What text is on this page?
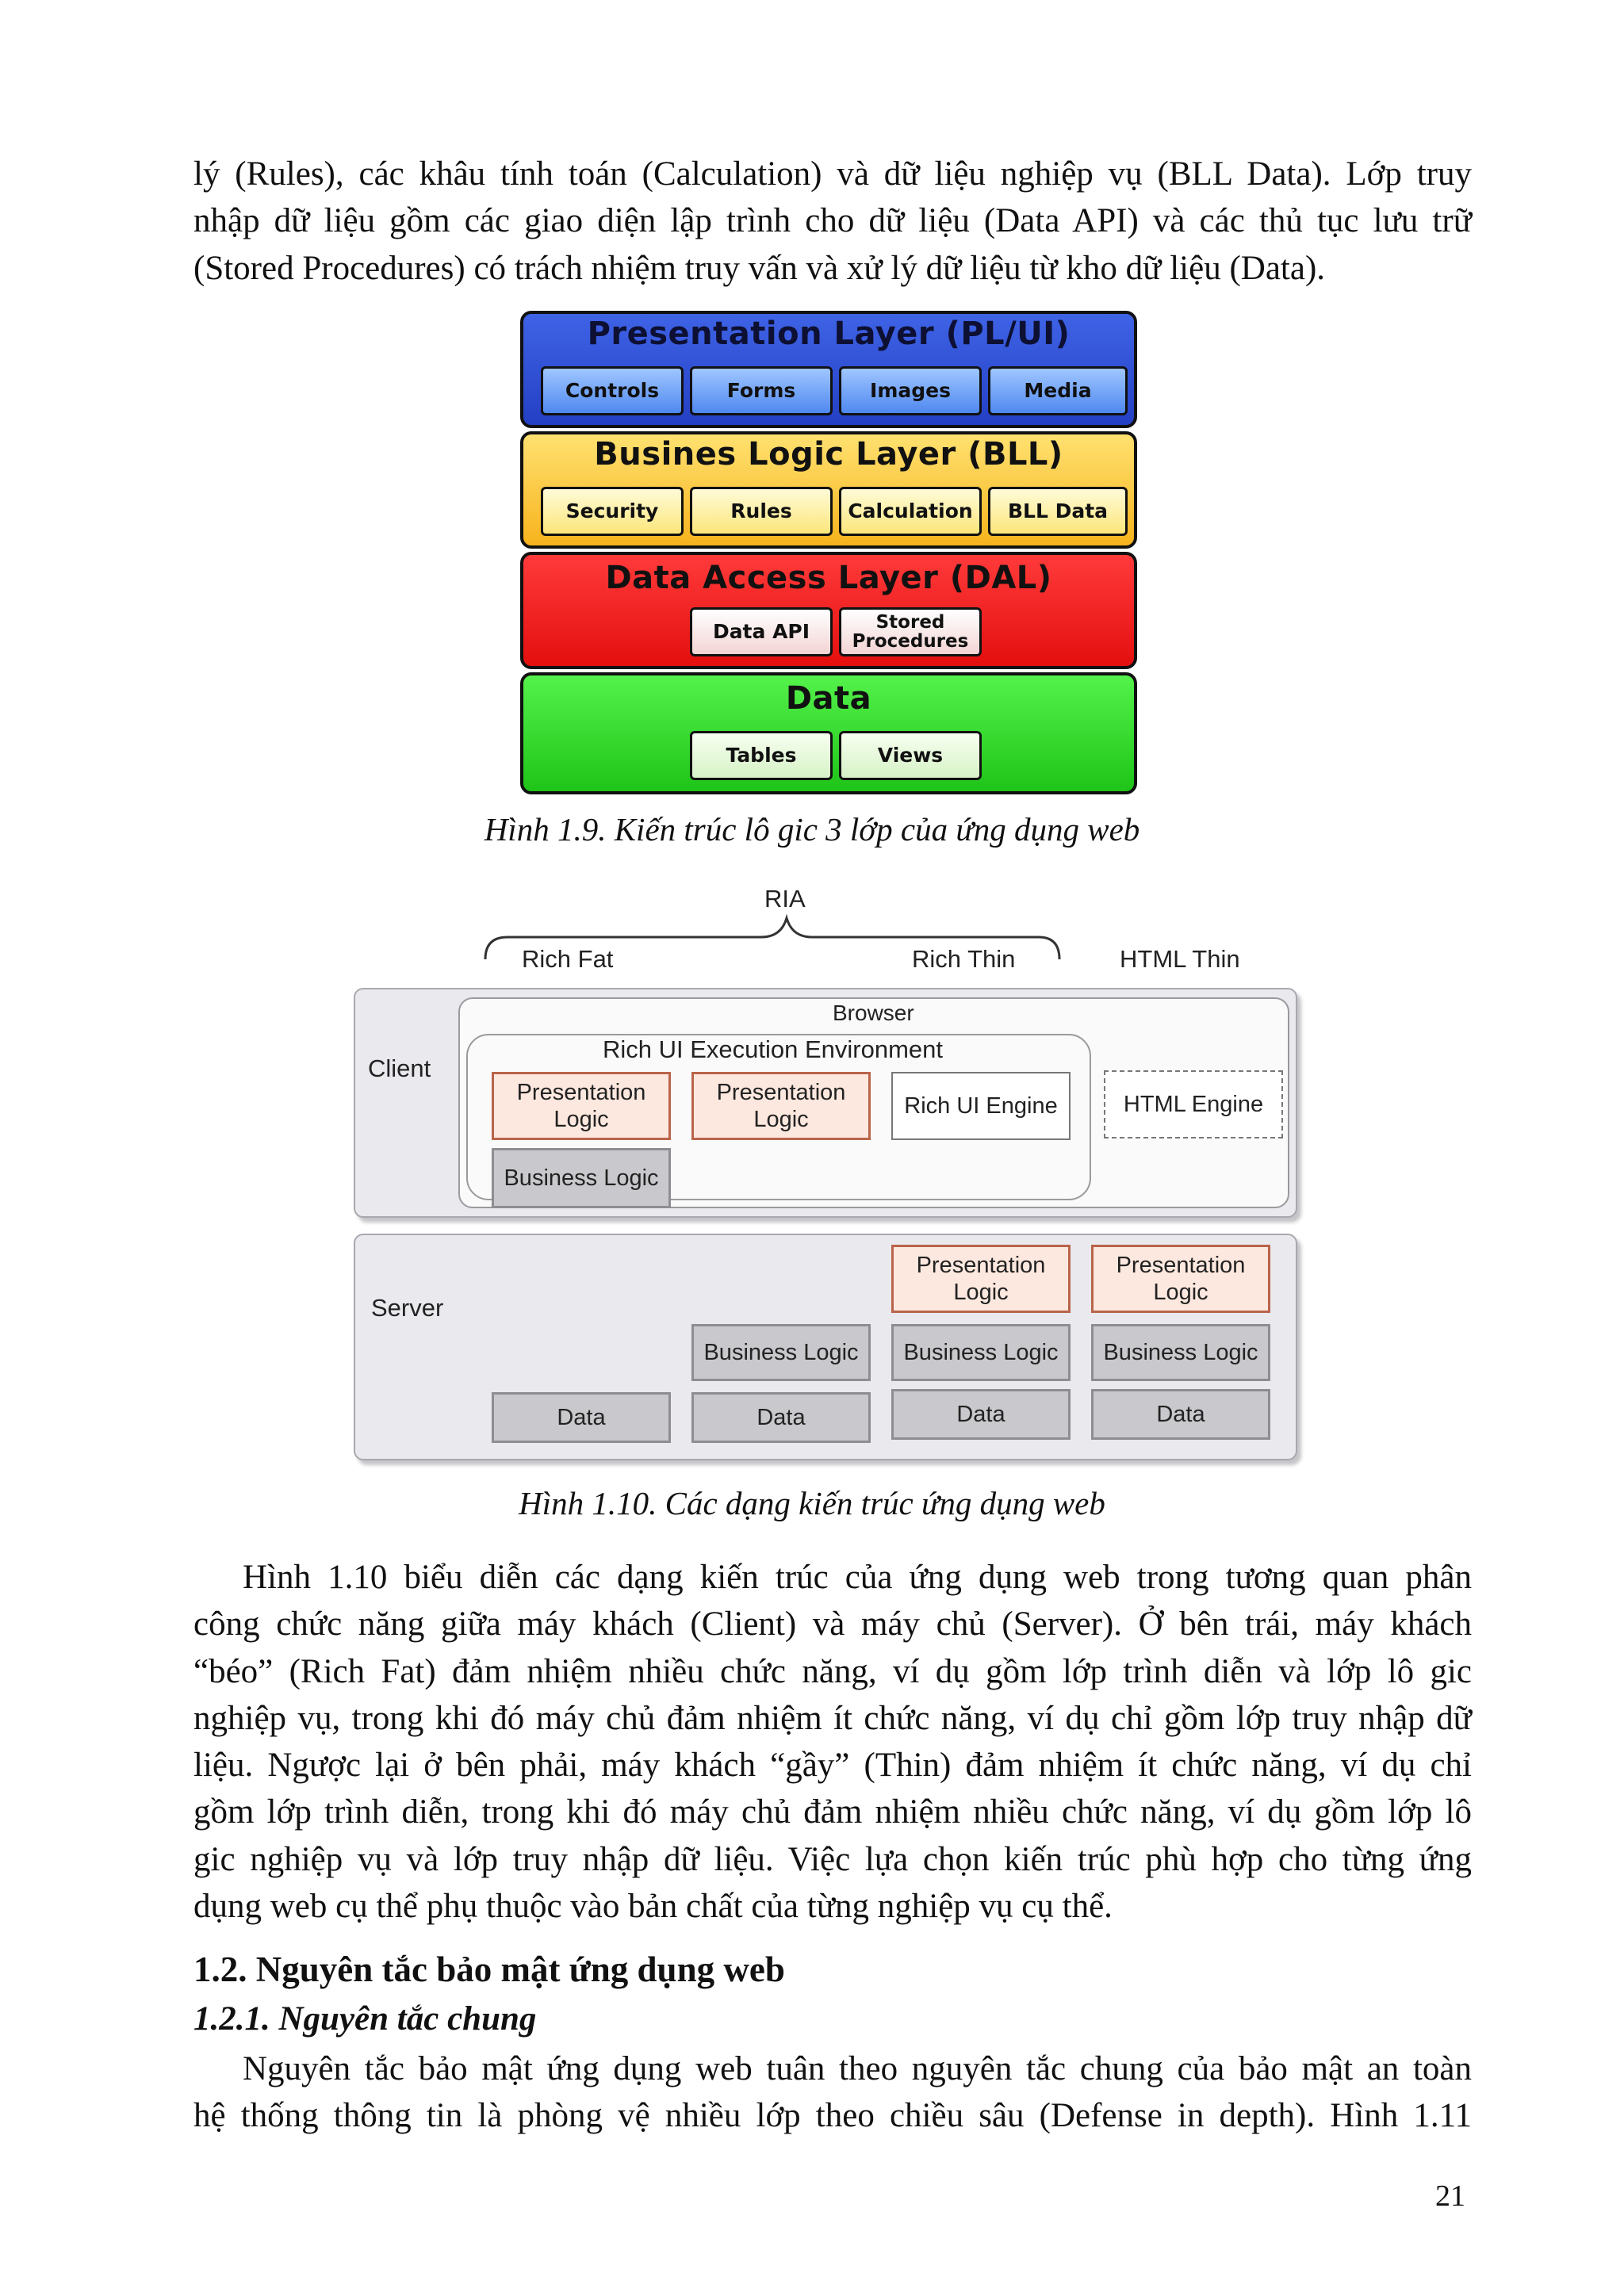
lý (Rules), các khâu tính toán (Calculation) và dữ liệu nghiệp vụ (BLL Data). Lớp truy
nhập dữ liệu gồm các giao diện lập trình cho dữ liệu (Data API) và các thủ tục lưu trữ
(Stored Procedures) có trách nhiệm truy vấn và xử lý dữ liệu từ kho dữ liệu (Data).
Presentation Layer (PL/UI)
Controls	Forms	Images	Media
Busines Logic Layer (BLL)
Security	Rules	Calculation	BLL Data
Data Access Layer (DAL)
Data API	Stored Procedures
Data
Tables	Views

Hình 1.9. Kiến trúc lô gic 3 lớp của ứng dụng web

RIA
Rich Fat	Rich Thin	HTML Thin
Client
Browser
Rich UI Execution Environment
Presentation Logic
Presentation Logic
Rich UI Engine
Business Logic
HTML Engine
Server
Presentation Logic
Presentation Logic
Business Logic	Business Logic	Business Logic
Data	Data	Data	Data

Hình 1.10. Các dạng kiến trúc ứng dụng web

Hình 1.10 biểu diễn các dạng kiến trúc của ứng dụng web trong tương quan phân
công chức năng giữa máy khách (Client) và máy chủ (Server). Ở bên trái, máy khách
“béo” (Rich Fat) đảm nhiệm nhiều chức năng, ví dụ gồm lớp trình diễn và lớp lô gic
nghiệp vụ, trong khi đó máy chủ đảm nhiệm ít chức năng, ví dụ chỉ gồm lớp truy nhập dữ
liệu. Ngược lại ở bên phải, máy khách “gầy” (Thin) đảm nhiệm ít chức năng, ví dụ chỉ
gồm lớp trình diễn, trong khi đó máy chủ đảm nhiệm nhiều chức năng, ví dụ gồm lớp lô
gic nghiệp vụ và lớp truy nhập dữ liệu. Việc lựa chọn kiến trúc phù hợp cho từng ứng
dụng web cụ thể phụ thuộc vào bản chất của từng nghiệp vụ cụ thể.

1.2. Nguyên tắc bảo mật ứng dụng web

1.2.1. Nguyên tắc chung

Nguyên tắc bảo mật ứng dụng web tuân theo nguyên tắc chung của bảo mật an toàn
hệ thống thông tin là phòng vệ nhiều lớp theo chiều sâu (Defense in depth). Hình 1.11

21
